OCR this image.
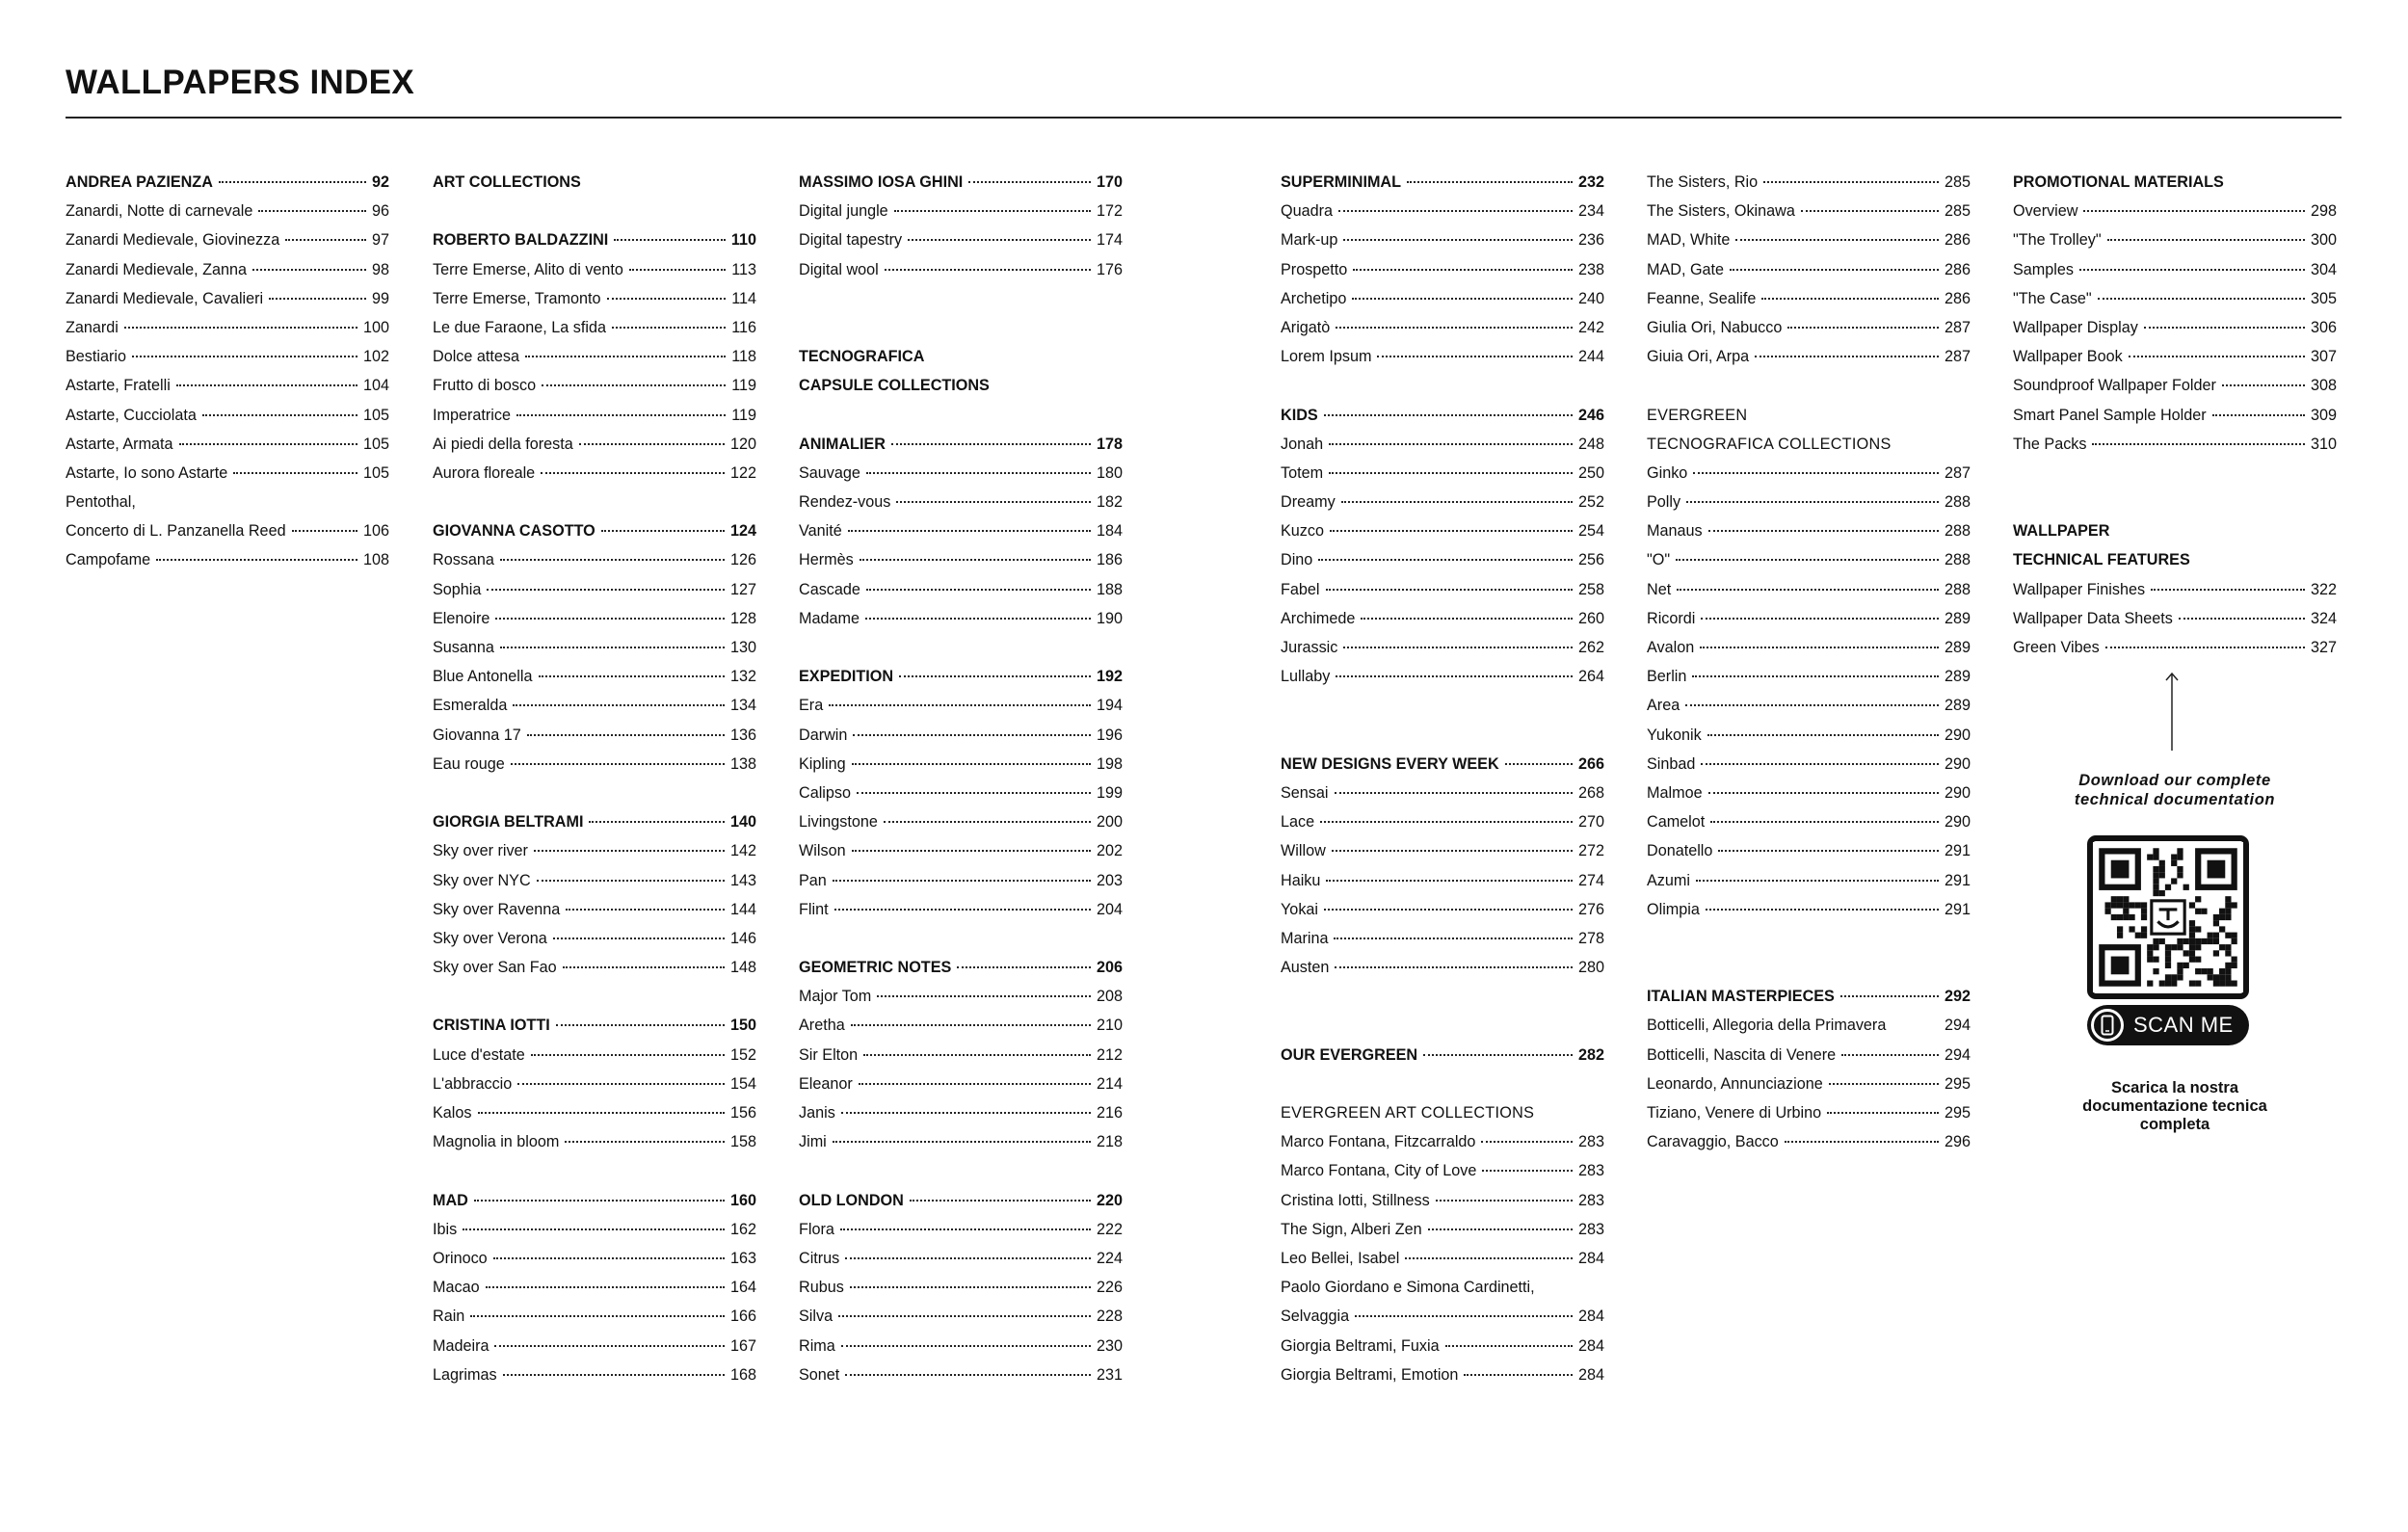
WALLPAPERS INDEX
ANDREA PAZIENZA	92
Zanardi, Notte di carnevale	96
Zanardi Medievale, Giovinezza	97
Zanardi Medievale, Zanna	98
Zanardi Medievale, Cavalieri	99
Zanardi	100
Bestiario	102
Astarte, Fratelli	104
Astarte, Cucciolata	105
Astarte, Armata	105
Astarte, Io sono Astarte	105
Pentothal,
Concerto di L. Panzanella Reed	106
Campofame	108
ART COLLECTIONS
ROBERTO BALDAZZINI	110
Terre Emerse, Alito di vento	113
Terre Emerse, Tramonto	114
Le due Faraone, La sfida	116
Dolce attesa	118
Frutto di bosco	119
Imperatrice	119
Ai piedi della foresta	120
Aurora floreale	122
GIOVANNA CASOTTO	124
Rossana	126
Sophia	127
Elenoire	128
Susanna	130
Blue Antonella	132
Esmeralda	134
Giovanna 17	136
Eau rouge	138
GIORGIA BELTRAMI	140
Sky over river	142
Sky over NYC	143
Sky over Ravenna	144
Sky over Verona	146
Sky over San Fao	148
CRISTINA IOTTI	150
Luce d'estate	152
L'abbraccio	154
Kalos	156
Magnolia in bloom	158
MAD	160
Ibis	162
Orinoco	163
Macao	164
Rain	166
Madeira	167
Lagrimas	168
MASSIMO IOSA GHINI	170
Digital jungle	172
Digital tapestry	174
Digital wool	176
TECNOGRAFICA
CAPSULE COLLECTIONS
ANIMALIER	178
Sauvage	180
Rendez-vous	182
Vanité	184
Hermès	186
Cascade	188
Madame	190
EXPEDITION	192
Era	194
Darwin	196
Kipling	198
Calipso	199
Livingstone	200
Wilson	202
Pan	203
Flint	204
GEOMETRIC NOTES	206
Major Tom	208
Aretha	210
Sir Elton	212
Eleanor	214
Janis	216
Jimi	218
OLD LONDON	220
Flora	222
Citrus	224
Rubus	226
Silva	228
Rima	230
Sonet	231
SUPERMINIMAL	232
Quadra	234
Mark-up	236
Prospetto	238
Archetipo	240
Arigatò	242
Lorem Ipsum	244
KIDS	246
Jonah	248
Totem	250
Dreamy	252
Kuzco	254
Dino	256
Fabel	258
Archimede	260
Jurassic	262
Lullaby	264
NEW DESIGNS EVERY WEEK	266
Sensai	268
Lace	270
Willow	272
Haiku	274
Yokai	276
Marina	278
Austen	280
OUR EVERGREEN	282
EVERGREEN ART COLLECTIONS
Marco Fontana, Fitzcarraldo	283
Marco Fontana, City of Love	283
Cristina Iotti, Stillness	283
The Sign, Alberi Zen	283
Leo Bellei, Isabel	284
Paolo Giordano e Simona Cardinetti,
Selvaggia	284
Giorgia Beltrami, Fuxia	284
Giorgia Beltrami, Emotion	284
The Sisters, Rio	285
The Sisters, Okinawa	285
MAD, White	286
MAD, Gate	286
Feanne, Sealife	286
Giulia Ori, Nabucco	287
Giuia Ori, Arpa	287
EVERGREEN
TECNOGRAFICA COLLECTIONS
Ginko	287
Polly	288
Manaus	288
"O"	288
Net	288
Ricordi	289
Avalon	289
Berlin	289
Area	289
Yukonik	290
Sinbad	290
Malmoe	290
Camelot	290
Donatello	291
Azumi	291
Olimpia	291
ITALIAN MASTERPIECES	292
Botticelli, Allegoria della Primavera	294
Botticelli, Nascita di Venere	294
Leonardo, Annunciazione	295
Tiziano, Venere di Urbino	295
Caravaggio, Bacco	296
PROMOTIONAL MATERIALS
Overview	298
"The Trolley"	300
Samples	304
"The Case"	305
Wallpaper Display	306
Wallpaper Book	307
Soundproof Wallpaper Folder	308
Smart Panel Sample Holder	309
The Packs	310
WALLPAPER
TECHNICAL FEATURES
Wallpaper Finishes	322
Wallpaper Data Sheets	324
Green Vibes	327
Download our complete
technical documentation
SCAN ME
Scarica la nostra
documentazione tecnica
completa
